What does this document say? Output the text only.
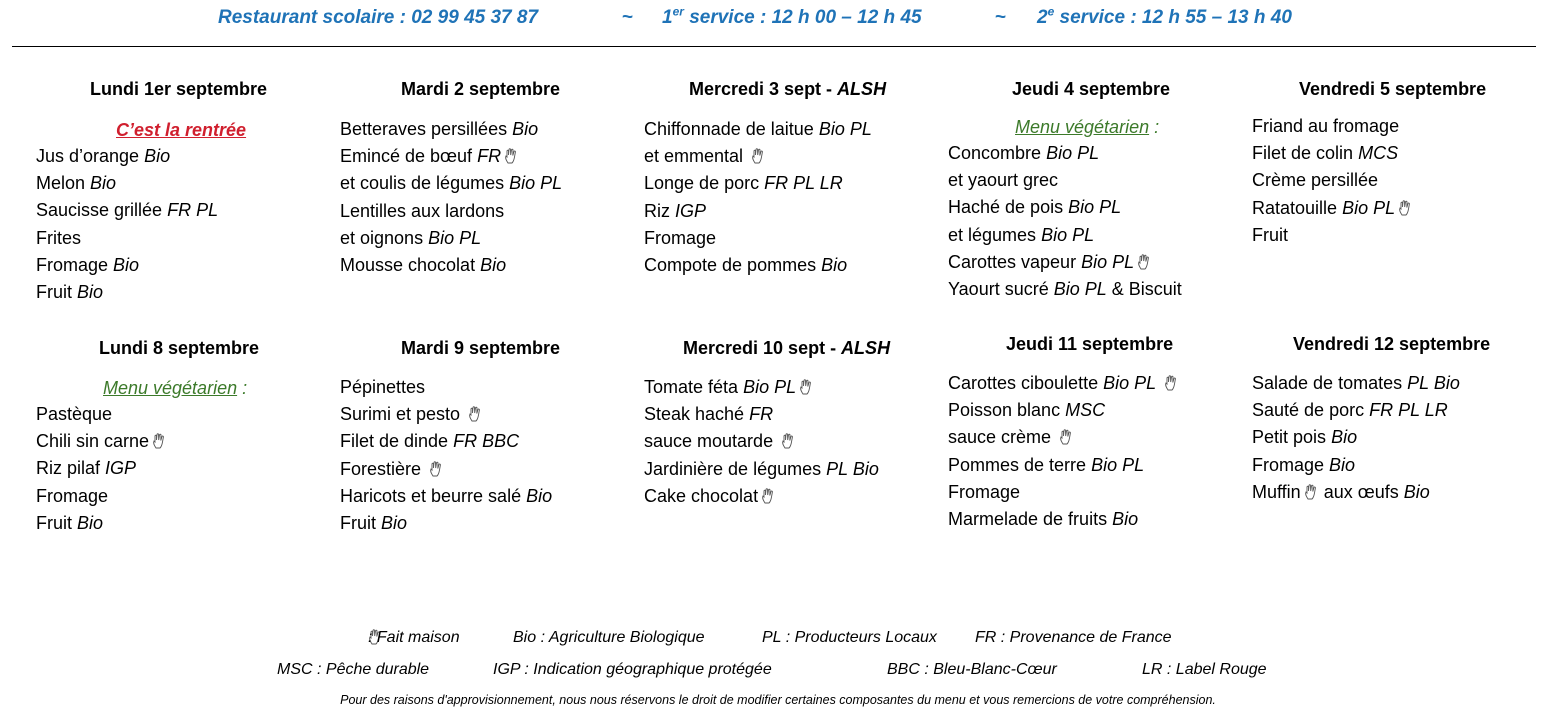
Restaurant scolaire : 02 99 45 37 87	~ 1er service : 12 h 00 – 12 h 45	~ 2e service : 12 h 55 – 13 h 40
Lundi 1er septembre
C’est la rentrée
Jus d’orange Bio
Melon Bio
Saucisse grillée FR PL
Frites
Fromage Bio
Fruit Bio
Mardi 2 septembre
Betteraves persillées Bio
Emincé de bœuf FR
et coulis de légumes Bio PL
Lentilles aux lardons
et oignons Bio PL
Mousse chocolat Bio
Mercredi 3 sept - ALSH
Chiffonnade de laitue Bio PL
et emmental
Longe de porc FR PL LR
Riz IGP
Fromage
Compote de pommes Bio
Jeudi 4 septembre
Menu végétarien :
Concombre Bio PL
et yaourt grec
Haché de pois Bio PL
et légumes Bio PL
Carottes vapeur Bio PL
Yaourt sucré Bio PL & Biscuit
Vendredi 5 septembre
Friand au fromage
Filet de colin MCS
Crème persillée
Ratatouille Bio PL
Fruit
Lundi 8 septembre
Menu végétarien :
Pastèque
Chili sin carne
Riz pilaf IGP
Fromage
Fruit Bio
Mardi 9 septembre
Pépinettes
Surimi et pesto
Filet de dinde FR BBC
Forestière
Haricots et beurre salé Bio
Fruit Bio
Mercredi 10 sept - ALSH
Tomate féta Bio PL
Steak haché FR
sauce moutarde
Jardinière de légumes PL Bio
Cake chocolat
Jeudi 11 septembre
Carottes ciboulette Bio PL
Poisson blanc MSC
sauce crème
Pommes de terre Bio PL
Fromage
Marmelade de fruits Bio
Vendredi 12 septembre
Salade de tomates PL Bio
Sauté de porc FR PL LR
Petit pois Bio
Fromage Bio
Muffin aux œufs Bio
: Fait maison	Bio : Agriculture Biologique	PL : Producteurs Locaux FR : Provenance de France
MSC : Pêche durable	IGP : Indication géographique protégée	BBC : Bleu-Blanc-Cœur	LR : Label Rouge
Pour des raisons d'approvisionnement, nous nous réservons le droit de modifier certaines composantes du menu et vous remercions de votre compréhension.
